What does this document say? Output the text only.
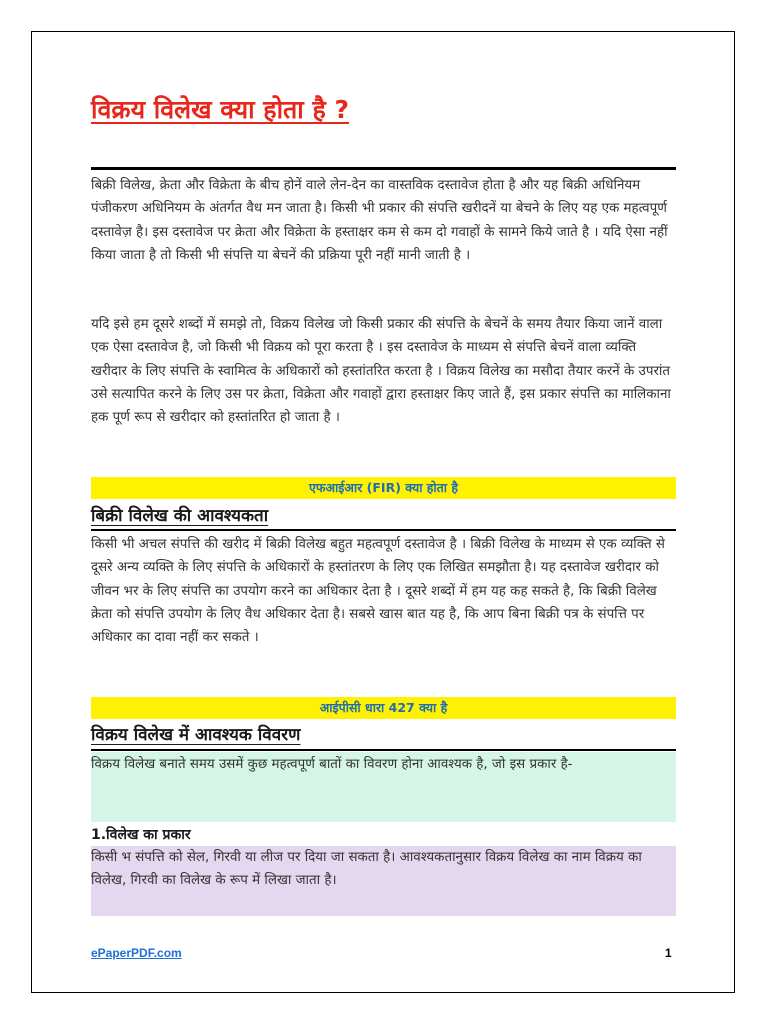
विक्रय विलेख क्या होता है ?

बिक्री विलेख, क्रेता और विक्रेता के बीच होनें वाले लेन-देन का वास्तविक दस्तावेज होता है और यह बिक्री अधिनियम पंजीकरण अधिनियम के अंतर्गत वैध मन जाता है। किसी भी प्रकार की संपत्ति खरीदनें या बेचने के लिए यह एक महत्वपूर्ण दस्तावेज़ है। इस दस्तावेज पर क्रेता और विक्रेता के हस्ताक्षर कम से कम दो गवाहों के सामने किये जाते है । यदि ऐसा नहीं किया जाता है तो किसी भी संपत्ति या बेचनें की प्रक्रिया पूरी नहीं मानी जाती है ।

यदि इसे हम दूसरे शब्दों में समझे तो, विक्रय विलेख जो किसी प्रकार की संपत्ति के बेचनें के समय तैयार किया जानें वाला एक ऐसा दस्तावेज है, जो किसी भी विक्रय को पूरा करता है । इस दस्तावेज के माध्यम से संपत्ति बेचनें वाला व्यक्ति खरीदार के लिए संपत्ति के स्वामित्व के अधिकारों को हस्तांतरित करता है । विक्रय विलेख का मसौदा तैयार करनें के उपरांत उसे सत्यापित करने के लिए उस पर क्रेता, विक्रेता और गवाहों द्वारा हस्ताक्षर किए जाते हैं, इस प्रकार संपत्ति का मालिकाना हक पूर्ण रूप से खरीदार को हस्तांतरित हो जाता है ।

एफआईआर (FIR) क्या होता है
बिक्री विलेख की आवश्यकता

किसी भी अचल संपत्ति की खरीद में बिक्री विलेख बहुत महत्वपूर्ण दस्तावेज है । बिक्री विलेख के माध्यम से एक व्यक्ति से दूसरे अन्य व्यक्ति के लिए संपत्ति के अधिकारों के हस्तांतरण के लिए एक लिखित समझौता है। यह दस्तावेज खरीदार को जीवन भर के लिए संपत्ति का उपयोग करने का अधिकार देता है । दूसरे शब्दों में हम यह कह सकते है, कि बिक्री विलेख क्रेता को संपत्ति उपयोग के लिए वैध अधिकार देता है। सबसे खास बात यह है, कि आप बिना बिक्री पत्र के संपत्ति पर अधिकार का दावा नहीं कर सकते ।

आईपीसी धारा 427 क्या है
विक्रय विलेख में आवश्यक विवरण

विक्रय विलेख बनाते समय उसमें कुछ महत्वपूर्ण बातों का विवरण होना आवश्यक है, जो इस प्रकार है-

1.विलेख का प्रकार

किसी भ संपत्ति को सेल, गिरवी या लीज पर दिया जा सकता है। आवश्यकतानुसार विक्रय विलेख का नाम विक्रय का विलेख, गिरवी का विलेख के रूप में लिखा जाता है।

ePaperPDF.com	1
